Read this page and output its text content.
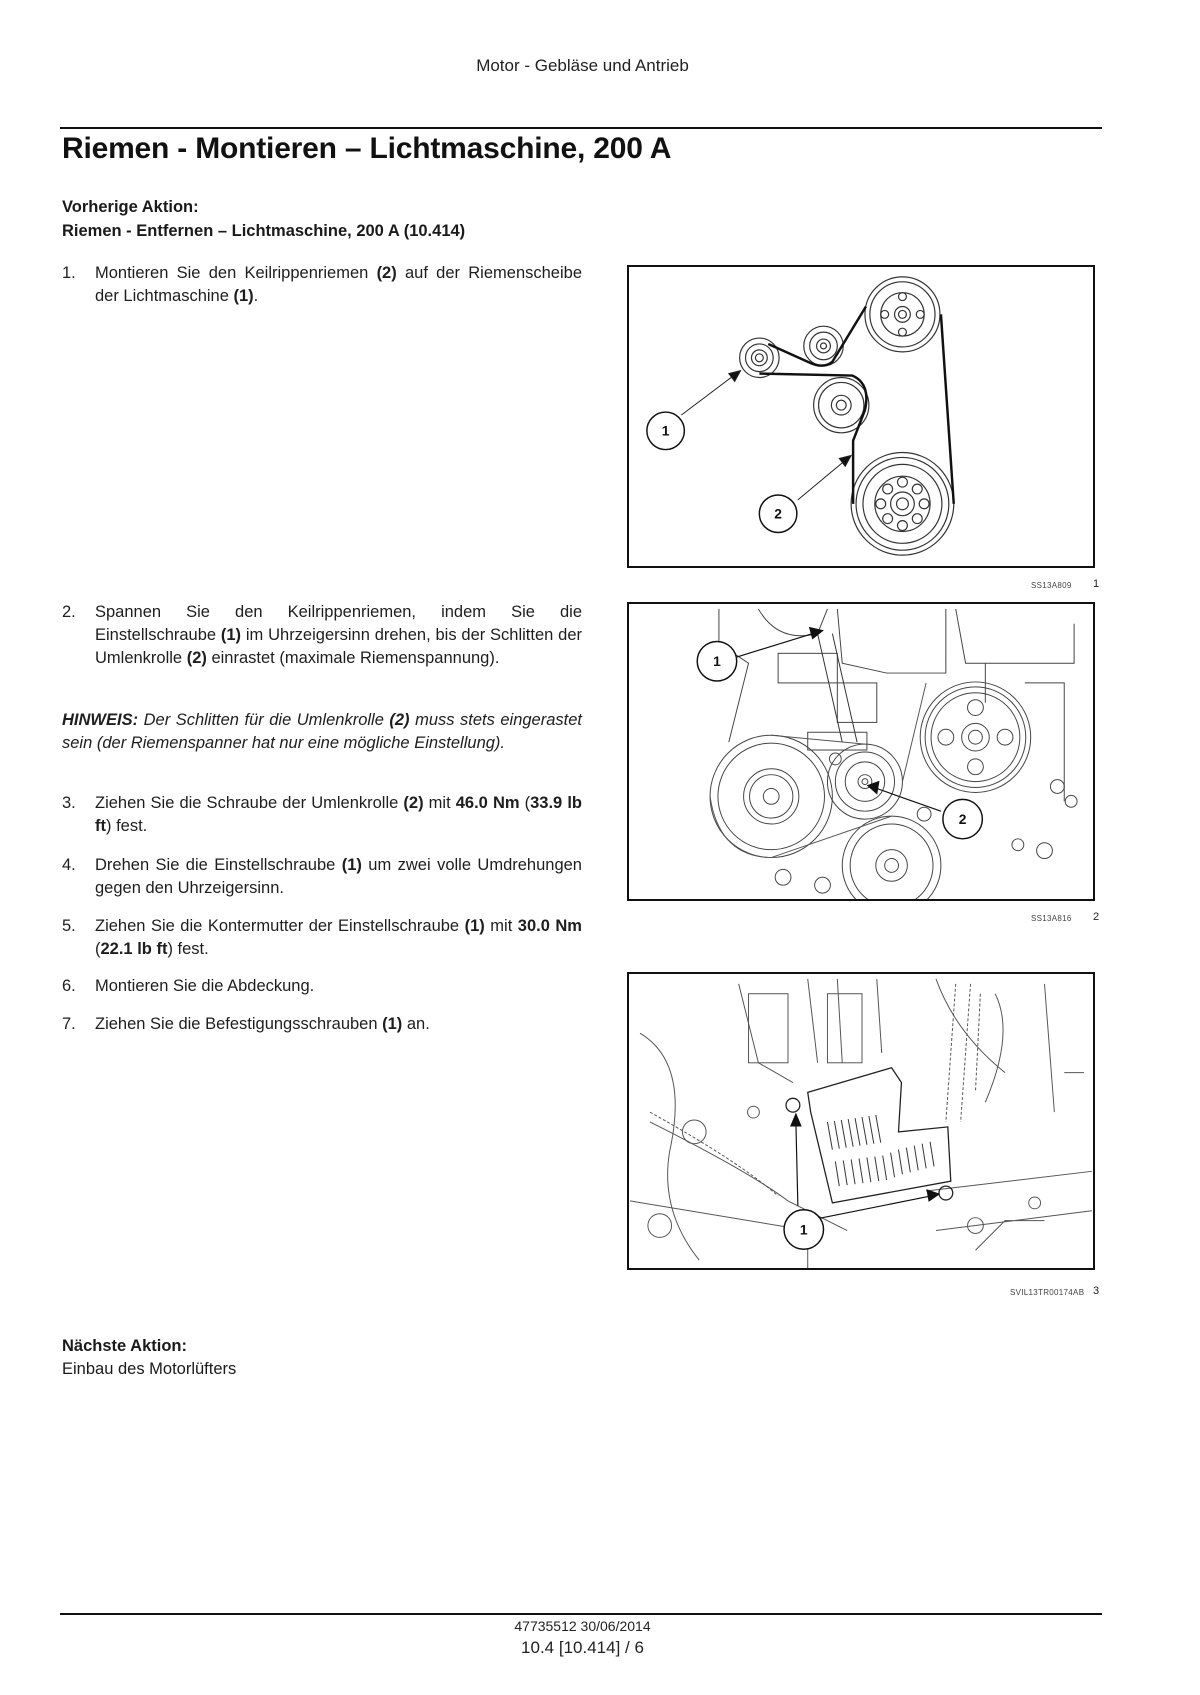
Motor - Gebläse und Antrieb
Riemen - Montieren – Lichtmaschine, 200 A
Vorherige Aktion:
Riemen - Entfernen – Lichtmaschine, 200 A (10.414)
1.	Montieren Sie den Keilrippenriemen (2) auf der Riemenscheibe der Lichtmaschine (1).
2.	Spannen Sie den Keilrippenriemen, indem Sie die Einstellschraube (1) im Uhrzeigersinn drehen, bis der Schlitten der Umlenkrolle (2) einrastet (maximale Riemenspannung).
HINWEIS: Der Schlitten für die Umlenkrolle (2) muss stets eingerastet sein (der Riemenspanner hat nur eine mögliche Einstellung).
3.	Ziehen Sie die Schraube der Umlenkrolle (2) mit 46.0 Nm (33.9 lb ft) fest.
4.	Drehen Sie die Einstellschraube (1) um zwei volle Umdrehungen gegen den Uhrzeigersinn.
5.	Ziehen Sie die Kontermutter der Einstellschraube (1) mit 30.0 Nm (22.1 lb ft) fest.
6.	Montieren Sie die Abdeckung.
7.	Ziehen Sie die Befestigungsschrauben (1) an.
1
2
SS13A809 1
1
2
SS13A816 2
1
SVIL13TR00174AB 3
Nächste Aktion:
Einbau des Motorlüfters
47735512 30/06/2014
10.4 [10.414] / 6
